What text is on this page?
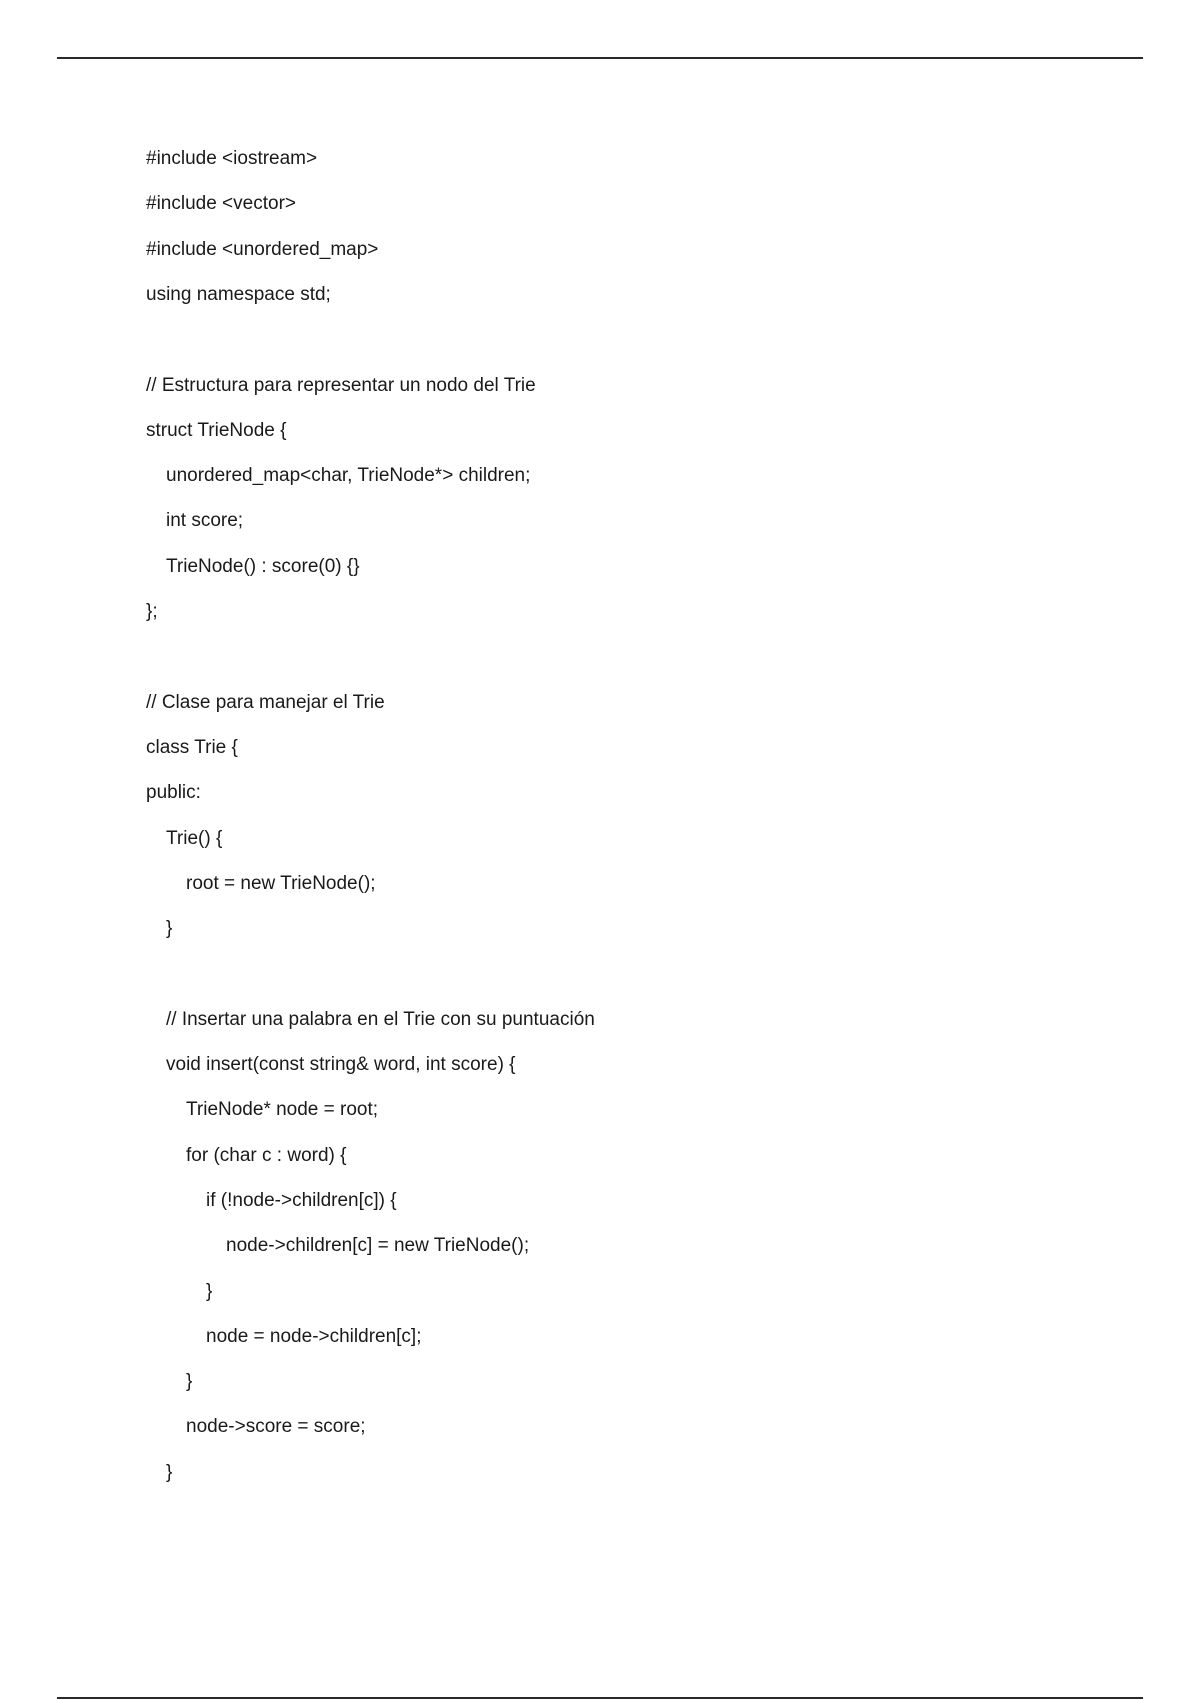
#include <iostream>
#include <vector>
#include <unordered_map>
using namespace std;
// Estructura para representar un nodo del Trie
struct TrieNode {
unordered_map<char, TrieNode*> children;
int score;
TrieNode() : score(0) {}
};
// Clase para manejar el Trie
class Trie {
public:
Trie() {
root = new TrieNode();
}
// Insertar una palabra en el Trie con su puntuación
void insert(const string& word, int score) {
TrieNode* node = root;
for (char c : word) {
if (!node->children[c]) {
node->children[c] = new TrieNode();
}
node = node->children[c];
}
node->score = score;
}
